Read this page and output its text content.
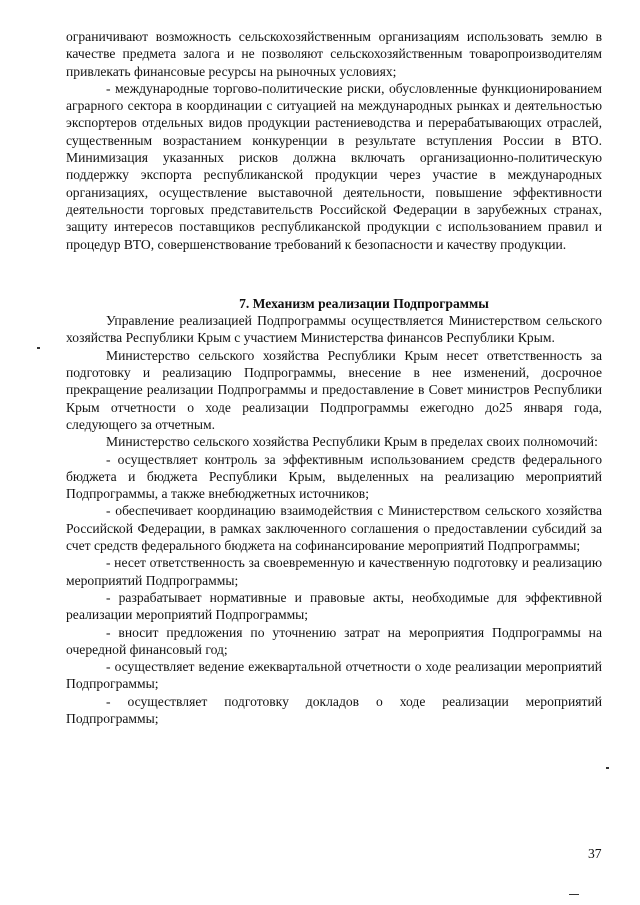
ограничивают возможность сельскохозяйственным организациям использовать землю в качестве предмета залога и не позволяют сельскохозяйственным товаропроизводителям привлекать финансовые ресурсы на рыночных условиях;

- международные торгово-политические риски, обусловленные функционированием аграрного сектора в координации с ситуацией на международных рынках и деятельностью экспортеров отдельных видов продукции растениеводства и перерабатывающих отраслей, существенным возрастанием конкуренции в результате вступления России в ВТО. Минимизация указанных рисков должна включать организационно-политическую поддержку экспорта республиканской продукции через участие в международных организациях, осуществление выставочной деятельности, повышение эффективности деятельности торговых представительств Российской Федерации в зарубежных странах, защиту интересов поставщиков республиканской продукции с использованием правил и процедур ВТО, совершенствование требований к безопасности и качеству продукции.

7. Механизм реализации Подпрограммы

Управление реализацией Подпрограммы осуществляется Министерством сельского хозяйства Республики Крым с участием Министерства финансов Республики Крым.

Министерство сельского хозяйства Республики Крым несет ответственность за подготовку и реализацию Подпрограммы, внесение в нее изменений, досрочное прекращение реализации Подпрограммы и предоставление в Совет министров Республики Крым отчетности о ходе реализации Подпрограммы ежегодно до25 января года, следующего за отчетным.

Министерство сельского хозяйства Республики Крым в пределах своих полномочий:

- осуществляет контроль за эффективным использованием средств федерального бюджета и бюджета Республики Крым, выделенных на реализацию мероприятий Подпрограммы, а также внебюджетных источников;

- обеспечивает координацию взаимодействия с Министерством сельского хозяйства Российской Федерации, в рамках заключенного соглашения о предоставлении субсидий за счет средств федерального бюджета на софинансирование мероприятий Подпрограммы;

- несет ответственность за своевременную и качественную подготовку и реализацию мероприятий Подпрограммы;

- разрабатывает нормативные и правовые акты, необходимые для эффективной реализации мероприятий Подпрограммы;

- вносит предложения по уточнению затрат на мероприятия Подпрограммы на очередной финансовый год;

- осуществляет ведение ежеквартальной отчетности о ходе реализации мероприятий Подпрограммы;

- осуществляет подготовку докладов о ходе реализации мероприятий Подпрограммы;

37
